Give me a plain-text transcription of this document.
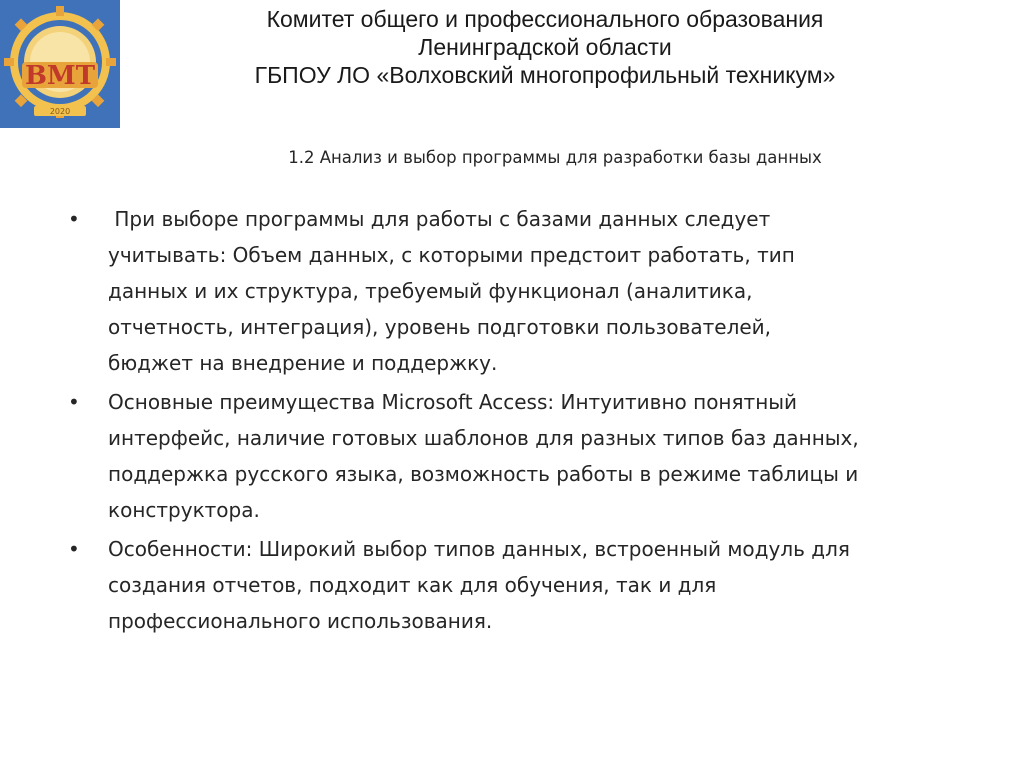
ВМТ
2020
Комитет общего и профессионального образования
Ленинградской области
ГБПОУ ЛО «Волховский многопрофильный техникум»
1.2 Анализ и выбор программы для разработки базы данных
• При выборе программы для работы с базами данных следует
учитывать: Объем данных, с которыми предстоит работать, тип
данных и их структура, требуемый функционал (аналитика,
отчетность, интеграция), уровень подготовки пользователей,
бюджет на внедрение и поддержку.
• Основные преимущества Microsoft Access: Интуитивно понятный
интерфейс, наличие готовых шаблонов для разных типов баз данных,
поддержка русского языка, возможность работы в режиме таблицы и
конструктора.
• Особенности: Широкий выбор типов данных, встроенный модуль для
создания отчетов, подходит как для обучения, так и для
профессионального использования.
